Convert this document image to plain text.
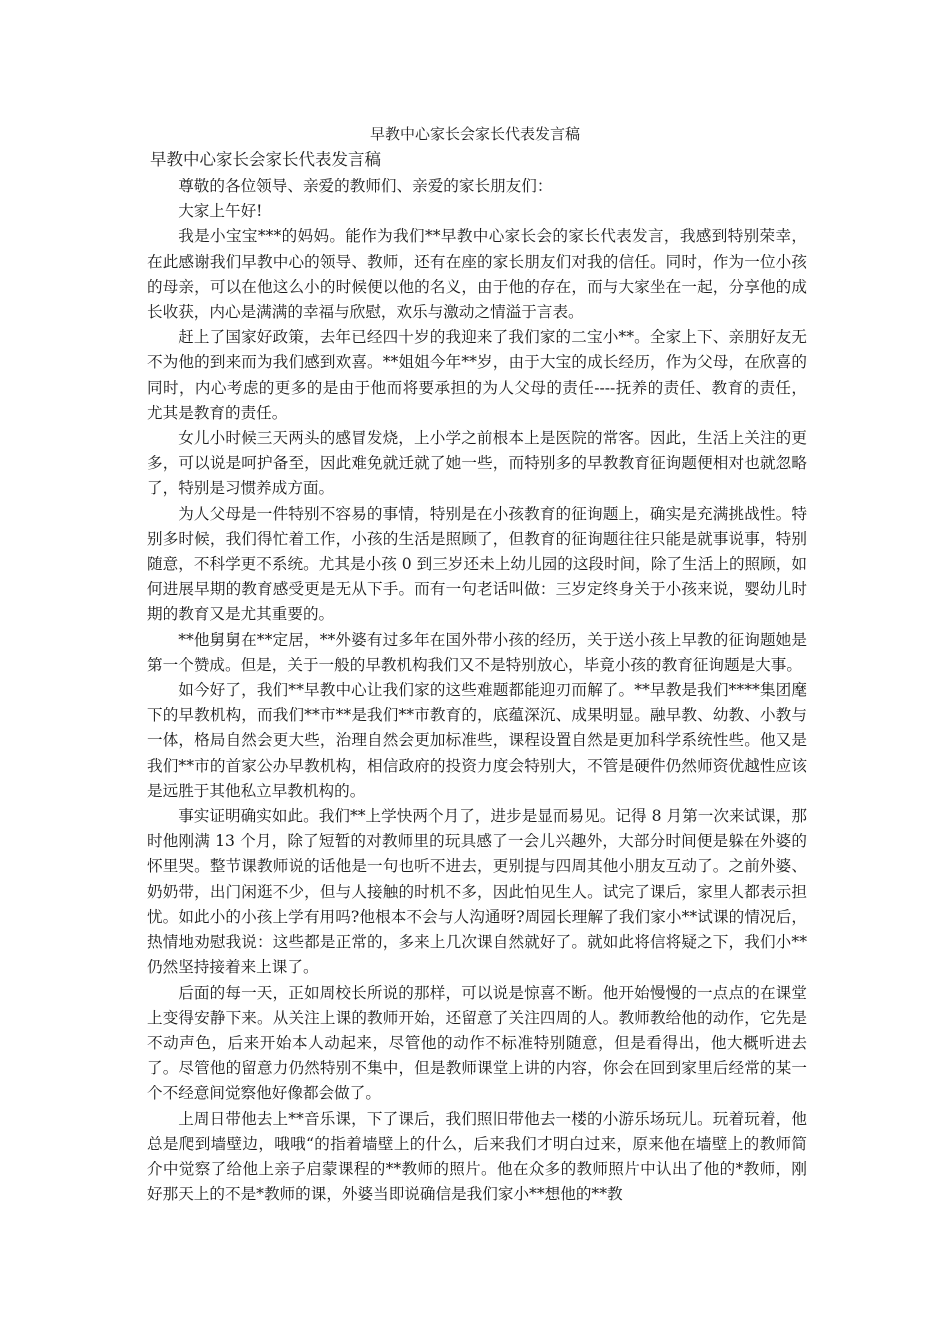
早教中心家长会家长代表发言稿
早教中心家长会家长代表发言稿

尊敬的各位领导、亲爱的教师们、亲爱的家长朋友们：

大家上午好!

我是小宝宝***的妈妈。能作为我们**早教中心家长会的家长代表发言，我感到特别荣幸，在此感谢我们早教中心的领导、教师，还有在座的家长朋友们对我的信任。同时，作为一位小孩的母亲，可以在他这么小的时候便以他的名义，由于他的存在，而与大家坐在一起，分享他的成长收获，内心是满满的幸福与欣慰，欢乐与激动之情溢于言表。

赶上了国家好政策，去年已经四十岁的我迎来了我们家的二宝小**。全家上下、亲朋好友无不为他的到来而为我们感到欢喜。**姐姐今年**岁，由于大宝的成长经历，作为父母，在欣喜的同时，内心考虑的更多的是由于他而将要承担的为人父母的责任----抚养的责任、教育的责任，尤其是教育的责任。

女儿小时候三天两头的感冒发烧，上小学之前根本上是医院的常客。因此，生活上关注的更多，可以说是呵护备至，因此难免就迁就了她一些，而特别多的早教教育征询题便相对也就忽略了，特别是习惯养成方面。

为人父母是一件特别不容易的事情，特别是在小孩教育的征询题上，确实是充满挑战性。特别多时候，我们得忙着工作，小孩的生活是照顾了，但教育的征询题往往只能是就事说事，特别随意，不科学更不系统。尤其是小孩 0 到三岁还未上幼儿园的这段时间，除了生活上的照顾，如何进展早期的教育感受更是无从下手。而有一句老话叫做：三岁定终身关于小孩来说，婴幼儿时期的教育又是尤其重要的。

**他舅舅在**定居，**外婆有过多年在国外带小孩的经历，关于送小孩上早教的征询题她是第一个赞成。但是，关于一般的早教机构我们又不是特别放心，毕竟小孩的教育征询题是大事。

如今好了，我们**早教中心让我们家的这些难题都能迎刃而解了。**早教是我们****集团麾下的早教机构，而我们**市**是我们**市教育的，底蕴深沉、成果明显。融早教、幼教、小教与一体，格局自然会更大些，治理自然会更加标准些，课程设置自然是更加科学系统性些。他又是我们**市的首家公办早教机构，相信政府的投资力度会特别大，不管是硬件仍然师资优越性应该是远胜于其他私立早教机构的。

事实证明确实如此。我们**上学快两个月了，进步是显而易见。记得 8 月第一次来试课，那时他刚满 13 个月，除了短暂的对教师里的玩具感了一会儿兴趣外，大部分时间便是躲在外婆的怀里哭。整节课教师说的话他是一句也听不进去，更别提与四周其他小朋友互动了。之前外婆、奶奶带，出门闲逛不少，但与人接触的时机不多，因此怕见生人。试完了课后，家里人都表示担忧。如此小的小孩上学有用吗?他根本不会与人沟通呀?周园长理解了我们家小**试课的情况后，热情地劝慰我说：这些都是正常的，多来上几次课自然就好了。就如此将信将疑之下，我们小**仍然坚持接着来上课了。

后面的每一天，正如周校长所说的那样，可以说是惊喜不断。他开始慢慢的一点点的在课堂上变得安静下来。从关注上课的教师开始，还留意了关注四周的人。教师教给他的动作，它先是不动声色，后来开始本人动起来，尽管他的动作不标准特别随意，但是看得出，他大概听进去了。尽管他的留意力仍然特别不集中，但是教师课堂上讲的内容，你会在回到家里后经常的某一个不经意间觉察他好像都会做了。

上周日带他去上**音乐课，下了课后，我们照旧带他去一楼的小游乐场玩儿。玩着玩着，他总是爬到墙壁边，哦哦“的指着墙壁上的什么，后来我们才明白过来，原来他在墙壁上的教师简介中觉察了给他上亲子启蒙课程的**教师的照片。他在众多的教师照片中认出了他的*教师，刚好那天上的不是*教师的课，外婆当即说确信是我们家小**想他的**教
